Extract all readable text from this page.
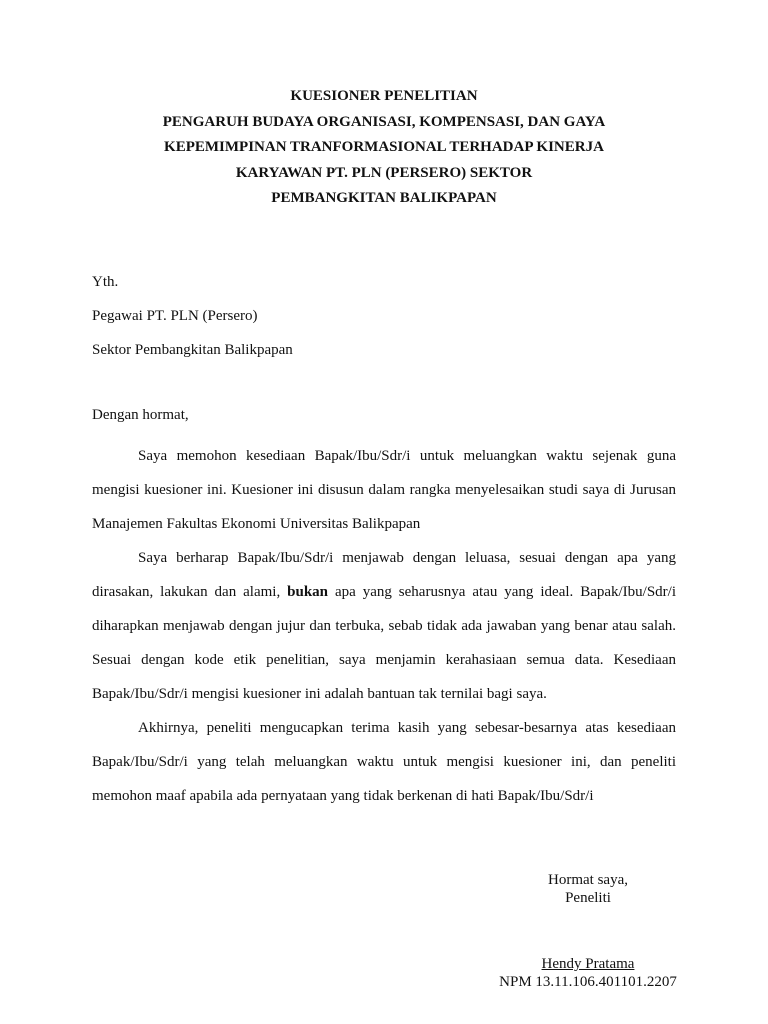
KUESIONER PENELITIAN
PENGARUH BUDAYA ORGANISASI, KOMPENSASI, DAN GAYA
KEPEMIMPINAN TRANFORMASIONAL TERHADAP KINERJA
KARYAWAN PT. PLN (PERSERO) SEKTOR
PEMBANGKITAN BALIKPAPAN
Yth.
Pegawai PT. PLN (Persero)
Sektor Pembangkitan Balikpapan
Dengan hormat,

Saya memohon kesediaan Bapak/Ibu/Sdr/i untuk meluangkan waktu sejenak guna mengisi kuesioner ini. Kuesioner ini disusun dalam rangka menyelesaikan studi saya di Jurusan Manajemen Fakultas Ekonomi Universitas Balikpapan

Saya berharap Bapak/Ibu/Sdr/i menjawab dengan leluasa, sesuai dengan apa yang dirasakan, lakukan dan alami, bukan apa yang seharusnya atau yang ideal. Bapak/Ibu/Sdr/i diharapkan menjawab dengan jujur dan terbuka, sebab tidak ada jawaban yang benar atau salah. Sesuai dengan kode etik penelitian, saya menjamin kerahasiaan semua data. Kesediaan Bapak/Ibu/Sdr/i mengisi kuesioner ini adalah bantuan tak ternilai bagi saya.

Akhirnya, peneliti mengucapkan terima kasih yang sebesar-besarnya atas kesediaan Bapak/Ibu/Sdr/i yang telah meluangkan waktu untuk mengisi kuesioner ini, dan peneliti memohon maaf apabila ada pernyataan yang tidak berkenan di hati Bapak/Ibu/Sdr/i

Hormat saya,
Peneliti
Hendy Pratama
NPM 13.11.106.401101.2207
